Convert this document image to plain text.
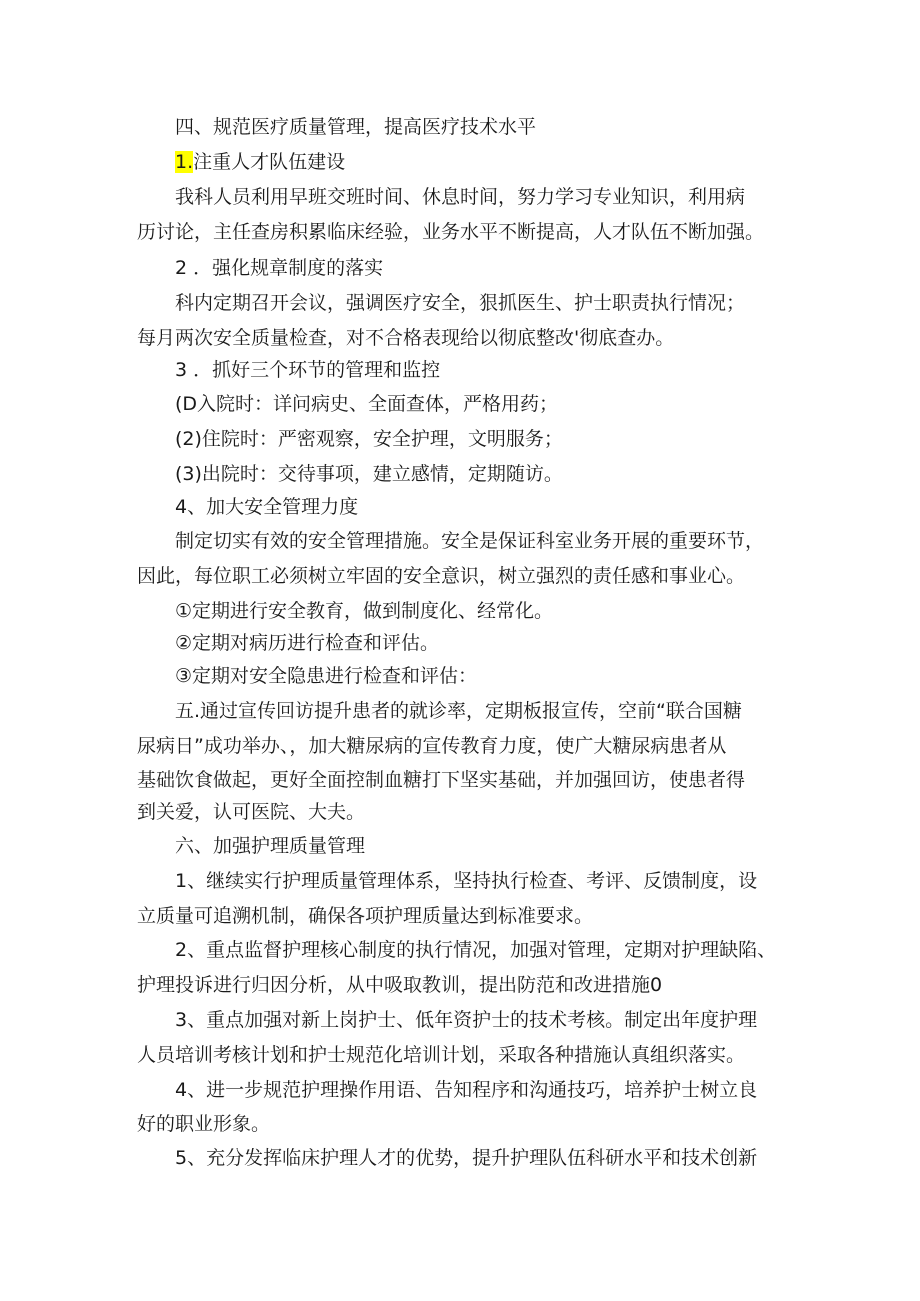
四、规范医疗质量管理，提高医疗技术水平
1.注重人才队伍建设
我科人员利用早班交班时间、休息时间，努力学习专业知识，利用病
历讨论，主任查房积累临床经验，业务水平不断提高，人才队伍不断加强。
2 ．强化规章制度的落实
科内定期召开会议，强调医疗安全，狠抓医生、护士职责执行情况；
每月两次安全质量检查，对不合格表现给以彻底整改'彻底查办。
3 ．抓好三个环节的管理和监控
(D入院时：详问病史、全面查体，严格用药；
(2)住院时：严密观察，安全护理，文明服务；
(3)出院时：交待事项，建立感情，定期随访。
4、加大安全管理力度
制定切实有效的安全管理措施。安全是保证科室业务开展的重要环节，
因此，每位职工必须树立牢固的安全意识，树立强烈的责任感和事业心。
①定期进行安全教育，做到制度化、经常化。
②定期对病历进行检查和评估。
③定期对安全隐患进行检查和评估：
五.通过宣传回访提升患者的就诊率，定期板报宣传，空前“联合国糖
尿病日”成功举办、，加大糖尿病的宣传教育力度，使广大糖尿病患者从
基础饮食做起，更好全面控制血糖打下坚实基础，并加强回访，使患者得
到关爱，认可医院、大夫。
六、加强护理质量管理
1、继续实行护理质量管理体系，坚持执行检查、考评、反馈制度，设
立质量可追溯机制，确保各项护理质量达到标准要求。
2、重点监督护理核心制度的执行情况，加强对管理，定期对护理缺陷、
护理投诉进行归因分析，从中吸取教训，提出防范和改进措施0
3、重点加强对新上岗护士、低年资护士的技术考核。制定出年度护理
人员培训考核计划和护士规范化培训计划，采取各种措施认真组织落实。
4、进一步规范护理操作用语、告知程序和沟通技巧，培养护士树立良
好的职业形象。
5、充分发挥临床护理人才的优势，提升护理队伍科研水平和技术创新
